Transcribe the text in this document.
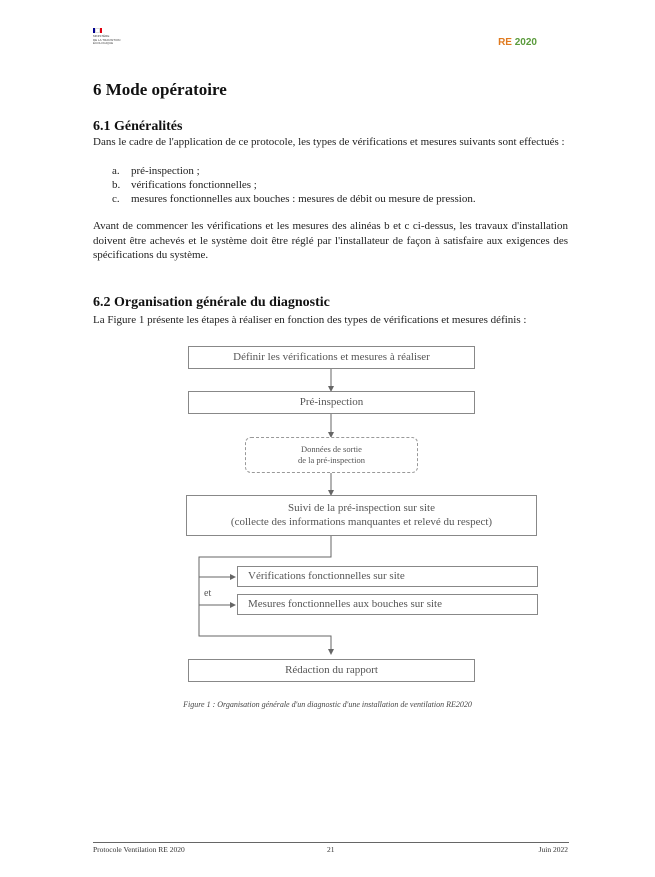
MINISTÈRE
DE LA TRANSITION
ÉCOLOGIQUE	RE 2020
6 Mode opératoire
6.1 Généralités
Dans le cadre de l'application de ce protocole, les types de vérifications et mesures suivants sont effectués :
a. pré-inspection ;
b. vérifications fonctionnelles ;
c. mesures fonctionnelles aux bouches : mesures de débit ou mesure de pression.
Avant de commencer les vérifications et les mesures des alinéas b et c ci-dessus, les travaux d'installation doivent être achevés et le système doit être réglé par l'installateur de façon à satisfaire aux exigences des spécifications du système.
6.2 Organisation générale du diagnostic
La Figure 1 présente les étapes à réaliser en fonction des types de vérifications et mesures définis :
Définir les vérifications et mesures à réaliser
Pré-inspection
Données de sortie
de la pré-inspection
Suivi de la pré-inspection sur site
(collecte des informations manquantes et relevé du respect)
Vérifications fonctionnelles sur site
et
Mesures fonctionnelles aux bouches sur site
Rédaction du rapport
Figure 1 : Organisation générale d'un diagnostic d'une installation de ventilation RE2020
Protocole Ventilation RE 2020	21	Juin 2022
